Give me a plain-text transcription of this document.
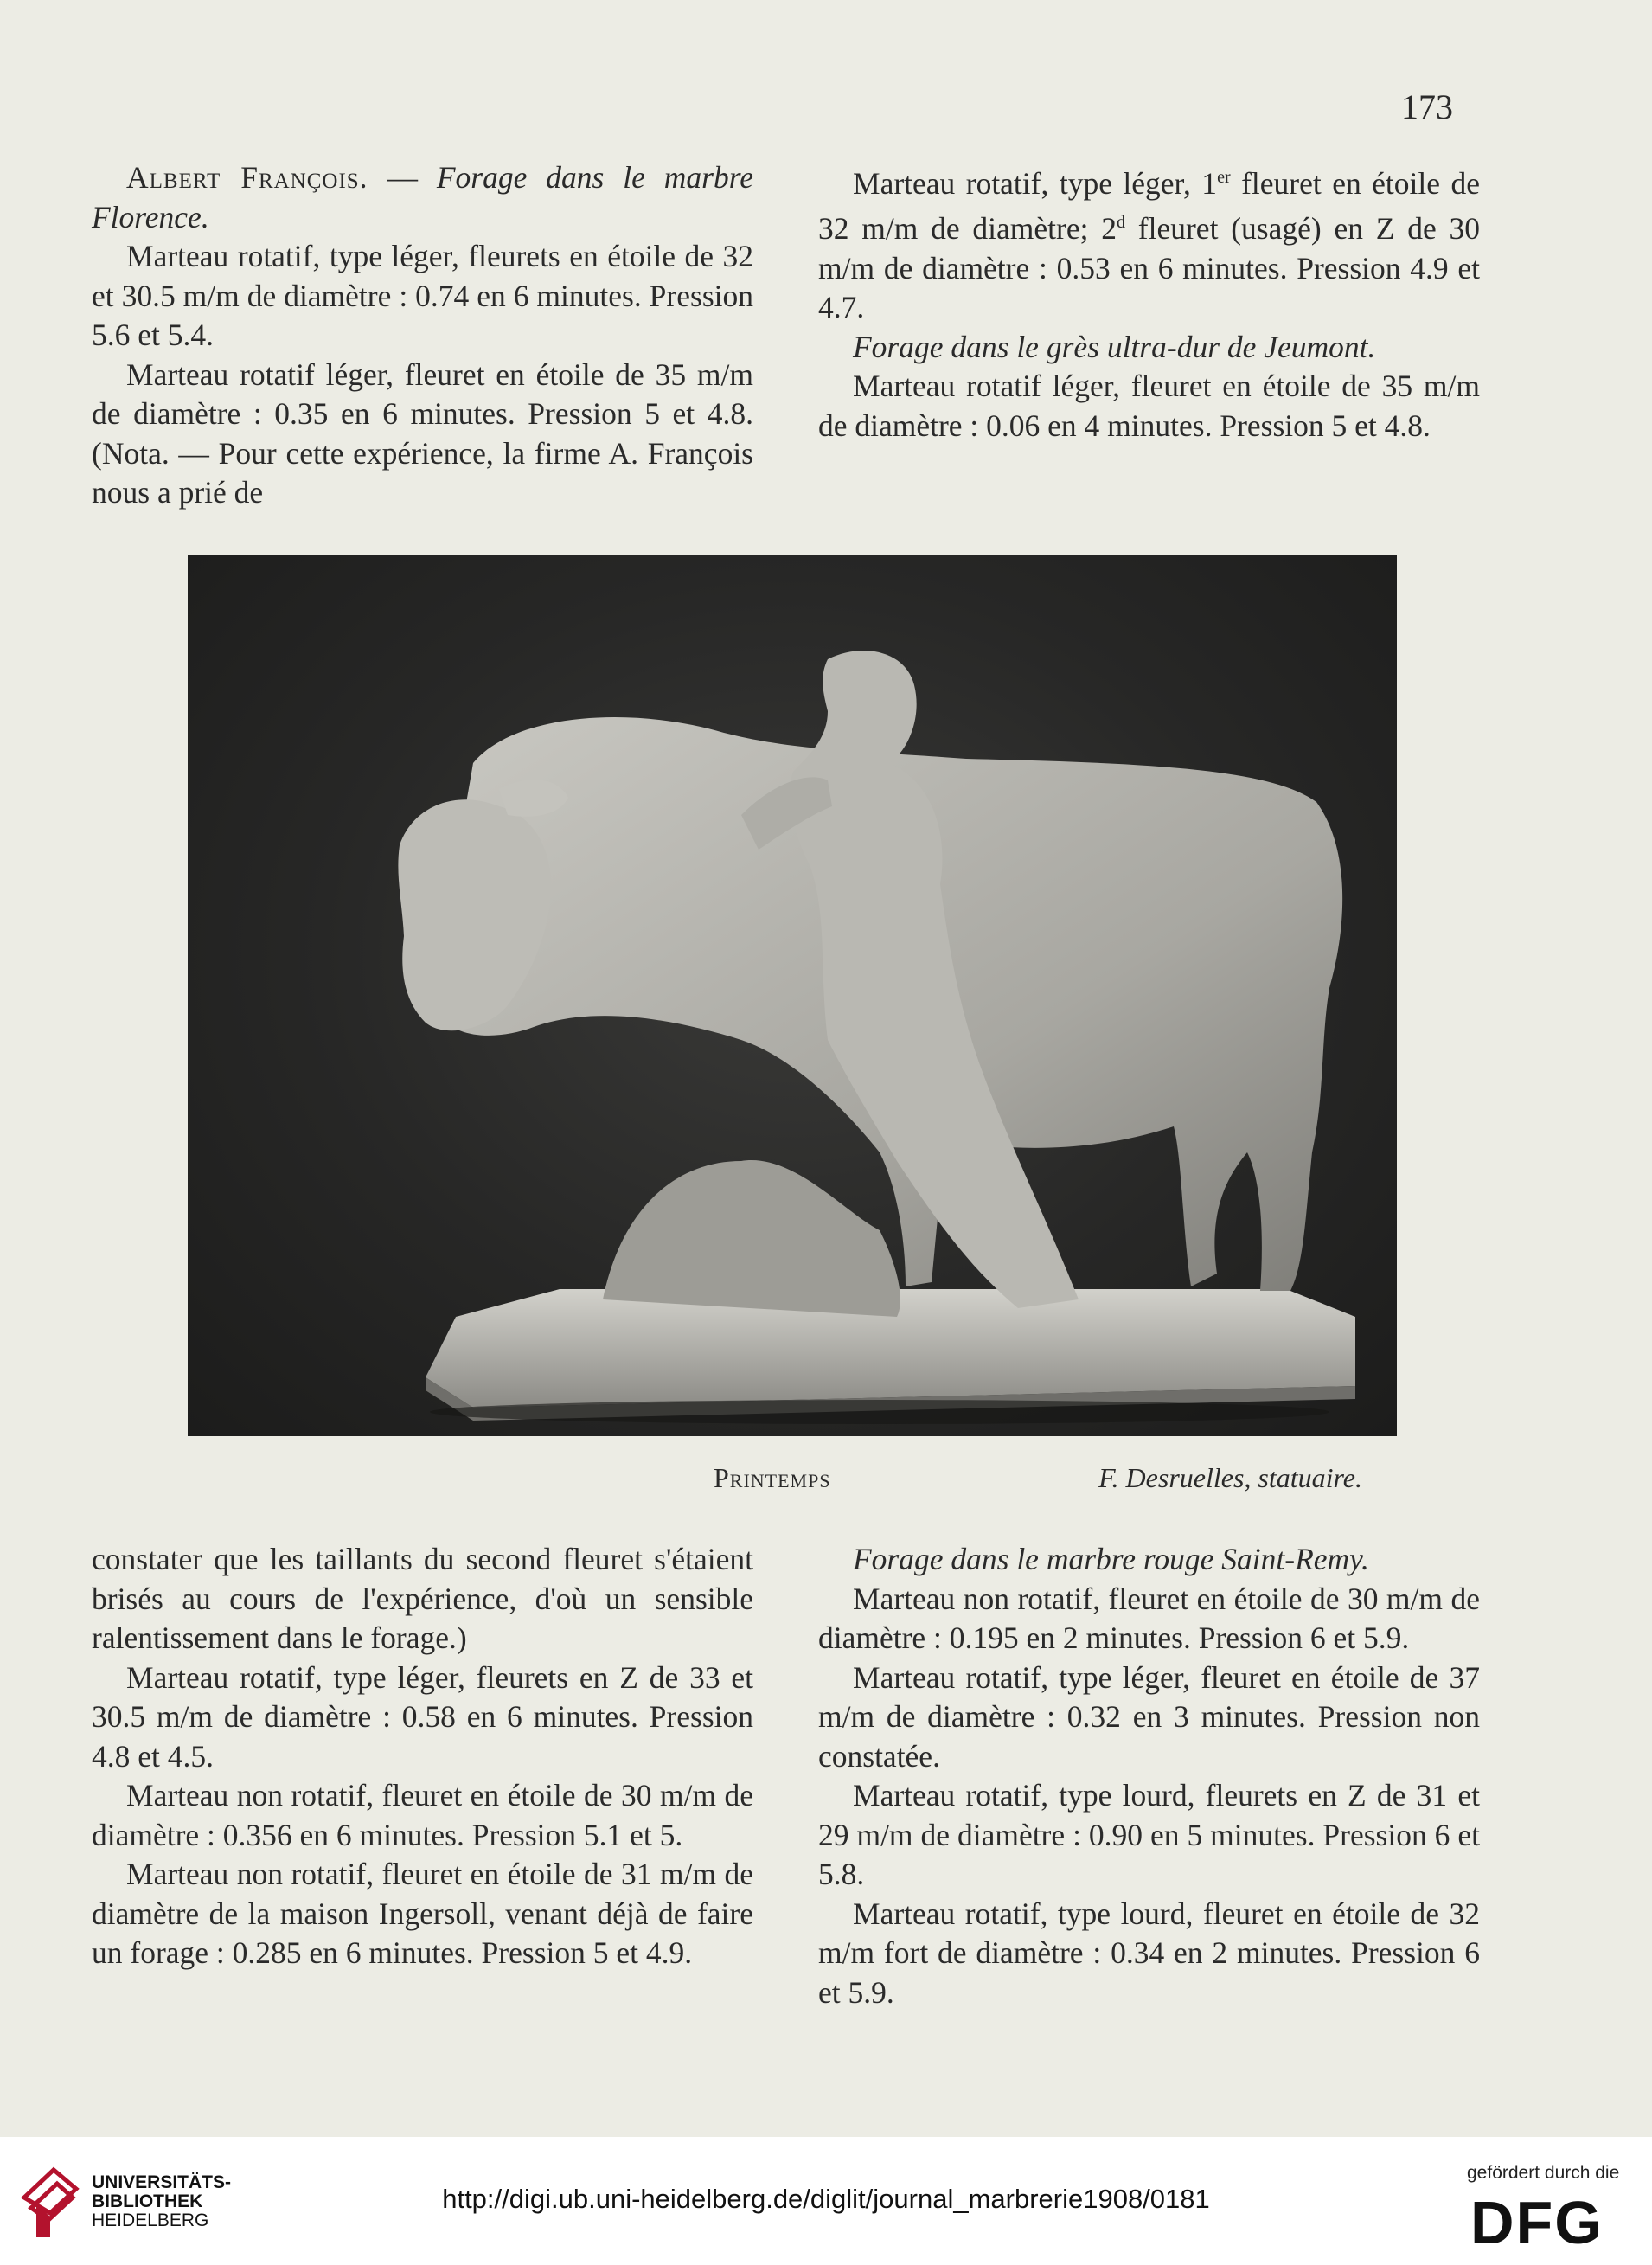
173

Albert François. — Forage dans le marbre Florence.

Marteau rotatif, type léger, fleurets en étoile de 32 et 30.5 m/m de diamètre : 0.74 en 6 minutes. Pression 5.6 et 5.4.

Marteau rotatif léger, fleuret en étoile de 35 m/m de diamètre : 0.35 en 6 minutes. Pression 5 et 4.8. (Nota. — Pour cette expérience, la firme A. François nous a prié de

Marteau rotatif, type léger, 1er fleuret en étoile de 32 m/m de diamètre; 2$^d$ fleuret (usagé) en Z de 30 m/m de diamètre : 0.53 en 6 minutes. Pression 4.9 et 4.7.

Forage dans le grès ultra-dur de Jeumont.

Marteau rotatif léger, fleuret en étoile de 35 m/m de diamètre : 0.06 en 4 minutes. Pression 5 et 4.8.

Printemps	F. Desruelles, statuaire.

constater que les taillants du second fleuret s'étaient brisés au cours de l'expérience, d'où un sensible ralentissement dans le forage.)

Marteau rotatif, type léger, fleurets en Z de 33 et 30.5 m/m de diamètre : 0.58 en 6 minutes. Pression 4.8 et 4.5.

Marteau non rotatif, fleuret en étoile de 30 m/m de diamètre : 0.356 en 6 minutes. Pression 5.1 et 5.

Marteau non rotatif, fleuret en étoile de 31 m/m de diamètre de la maison Ingersoll, venant déjà de faire un forage : 0.285 en 6 minutes. Pression 5 et 4.9.

Forage dans le marbre rouge Saint-Remy.

Marteau non rotatif, fleuret en étoile de 30 m/m de diamètre : 0.195 en 2 minutes. Pression 6 et 5.9.

Marteau rotatif, type léger, fleuret en étoile de 37 m/m de diamètre : 0.32 en 3 minutes. Pression non constatée.

Marteau rotatif, type lourd, fleurets en Z de 31 et 29 m/m de diamètre : 0.90 en 5 minutes. Pression 6 et 5.8.

Marteau rotatif, type lourd, fleuret en étoile de 32 m/m fort de diamètre : 0.34 en 2 minutes. Pression 6 et 5.9.

UNIVERSITÄTS-
BIBLIOTHEK
HEIDELBERG
http://digi.ub.uni-heidelberg.de/diglit/journal_marbrerie1908/0181
gefördert durch die
DFG
